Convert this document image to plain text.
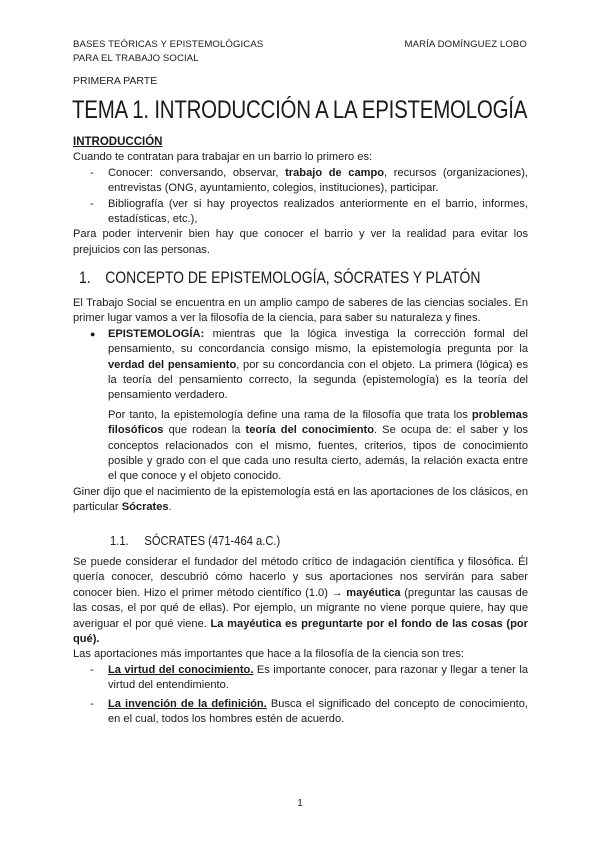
BASES TEÓRICAS Y EPISTEMOLÓGICAS
PARA EL TRABAJO SOCIAL
MARÍA DOMÍNGUEZ LOBO
PRIMERA PARTE
TEMA 1. INTRODUCCIÓN A LA EPISTEMOLOGÍA
INTRODUCCIÓN
Cuando te contratan para trabajar en un barrio lo primero es:
- Conocer: conversando, observar, trabajo de campo, recursos (organizaciones), entrevistas (ONG, ayuntamiento, colegios, instituciones), participar.
- Bibliografía (ver si hay proyectos realizados anteriormente en el barrio, informes, estadísticas, etc.),
Para poder intervenir bien hay que conocer el barrio y ver la realidad para evitar los prejuicios con las personas.
1. CONCEPTO DE EPISTEMOLOGÍA, SÓCRATES Y PLATÓN
El Trabajo Social se encuentra en un amplio campo de saberes de las ciencias sociales. En primer lugar vamos a ver la filosofía de la ciencia, para saber su naturaleza y fines.
● EPISTEMOLOGÍA: mientras que la lógica investiga la corrección formal del pensamiento, su concordancia consigo mismo, la epistemología pregunta por la verdad del pensamiento, por su concordancia con el objeto. La primera (lógica) es la teoría del pensamiento correcto, la segunda (epistemología) es la teoría del pensamiento verdadero.
Por tanto, la epistemología define una rama de la filosofía que trata los problemas filosóficos que rodean la teoría del conocimiento. Se ocupa de: el saber y los conceptos relacionados con el mismo, fuentes, criterios, tipos de conocimiento posible y grado con el que cada uno resulta cierto, además, la relación exacta entre el que conoce y el objeto conocido.
Giner dijo que el nacimiento de la epistemología está en las aportaciones de los clásicos, en particular Sócrates.
1.1. SÓCRATES (471-464 a.C.)
Se puede considerar el fundador del método crítico de indagación científica y filosófica. Él quería conocer, descubrió cómo hacerlo y sus aportaciones nos servirán para saber conocer bien. Hizo el primer método científico (1.0) → mayéutica (preguntar las causas de las cosas, el por qué de ellas). Por ejemplo, un migrante no viene porque quiere, hay que averiguar el por qué viene. La mayéutica es preguntarte por el fondo de las cosas (por qué).
Las aportaciones más importantes que hace a la filosofía de la ciencia son tres:
- La virtud del conocimiento. Es importante conocer, para razonar y llegar a tener la virtud del entendimiento.
- La invención de la definición. Busca el significado del concepto de conocimiento, en el cual, todos los hombres estén de acuerdo.
1
